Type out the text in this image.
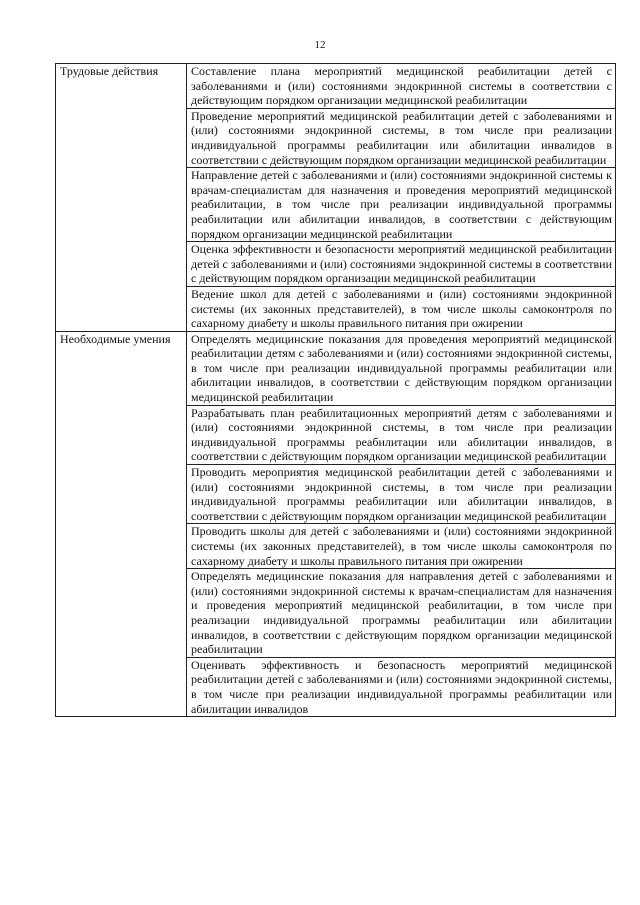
12
Трудовые действия	Составление плана мероприятий медицинской реабилитации детей с заболеваниями и (или) состояниями эндокринной системы в соответствии с действующим порядком организации медицинской реабилитации
	Проведение мероприятий медицинской реабилитации детей с заболеваниями и (или) состояниями эндокринной системы, в том числе при реализации индивидуальной программы реабилитации или абилитации инвалидов в соответствии с действующим порядком организации медицинской реабилитации
	Направление детей с заболеваниями и (или) состояниями эндокринной системы к врачам-специалистам для назначения и проведения мероприятий медицинской реабилитации, в том числе при реализации индивидуальной программы реабилитации или абилитации инвалидов, в соответствии с действующим порядком организации медицинской реабилитации
	Оценка эффективности и безопасности мероприятий медицинской реабилитации детей с заболеваниями и (или) состояниями эндокринной системы в соответствии с действующим порядком организации медицинской реабилитации
	Ведение школ для детей с заболеваниями и (или) состояниями эндокринной системы (их законных представителей), в том числе школы самоконтроля по сахарному диабету и школы правильного питания при ожирении
Необходимые умения	Определять медицинские показания для проведения мероприятий медицинской реабилитации детям с заболеваниями и (или) состояниями эндокринной системы, в том числе при реализации индивидуальной программы реабилитации или абилитации инвалидов, в соответствии с действующим порядком организации медицинской реабилитации
	Разрабатывать план реабилитационных мероприятий детям с заболеваниями и (или) состояниями эндокринной системы, в том числе при реализации индивидуальной программы реабилитации или абилитации инвалидов, в соответствии с действующим порядком организации медицинской реабилитации
	Проводить мероприятия медицинской реабилитации детей с заболеваниями и (или) состояниями эндокринной системы, в том числе при реализации индивидуальной программы реабилитации или абилитации инвалидов, в соответствии с действующим порядком организации медицинской реабилитации
	Проводить школы для детей с заболеваниями и (или) состояниями эндокринной системы (их законных представителей), в том числе школы самоконтроля по сахарному диабету и школы правильного питания при ожирении
	Определять медицинские показания для направления детей с заболеваниями и (или) состояниями эндокринной системы к врачам-специалистам для назначения и проведения мероприятий медицинской реабилитации, в том числе при реализации индивидуальной программы реабилитации или абилитации инвалидов, в соответствии с действующим порядком организации медицинской реабилитации
	Оценивать эффективность и безопасность мероприятий медицинской реабилитации детей с заболеваниями и (или) состояниями эндокринной системы, в том числе при реализации индивидуальной программы реабилитации или абилитации инвалидов
